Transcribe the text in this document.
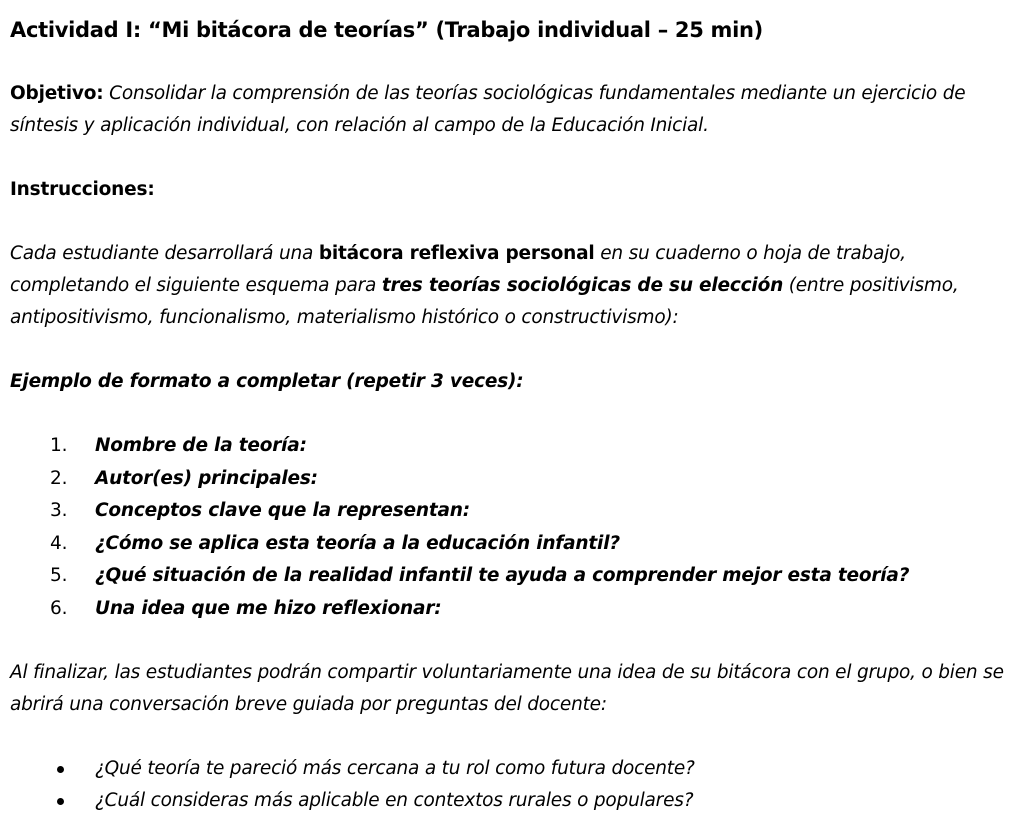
Actividad I: “Mi bitácora de teorías” (Trabajo individual – 25 min)

Objetivo: Consolidar la comprensión de las teorías sociológicas fundamentales mediante un ejercicio de síntesis y aplicación individual, con relación al campo de la Educación Inicial.

Instrucciones:

Cada estudiante desarrollará una bitácora reflexiva personal en su cuaderno o hoja de trabajo, completando el siguiente esquema para tres teorías sociológicas de su elección (entre positivismo, antipositivismo, funcionalismo, materialismo histórico o constructivismo):

Ejemplo de formato a completar (repetir 3 veces):

1. Nombre de la teoría:
2. Autor(es) principales:
3. Conceptos clave que la representan:
4. ¿Cómo se aplica esta teoría a la educación infantil?
5. ¿Qué situación de la realidad infantil te ayuda a comprender mejor esta teoría?
6. Una idea que me hizo reflexionar:

Al finalizar, las estudiantes podrán compartir voluntariamente una idea de su bitácora con el grupo, o bien se abrirá una conversación breve guiada por preguntas del docente:

¿Qué teoría te pareció más cercana a tu rol como futura docente?
¿Cuál consideras más aplicable en contextos rurales o populares?
